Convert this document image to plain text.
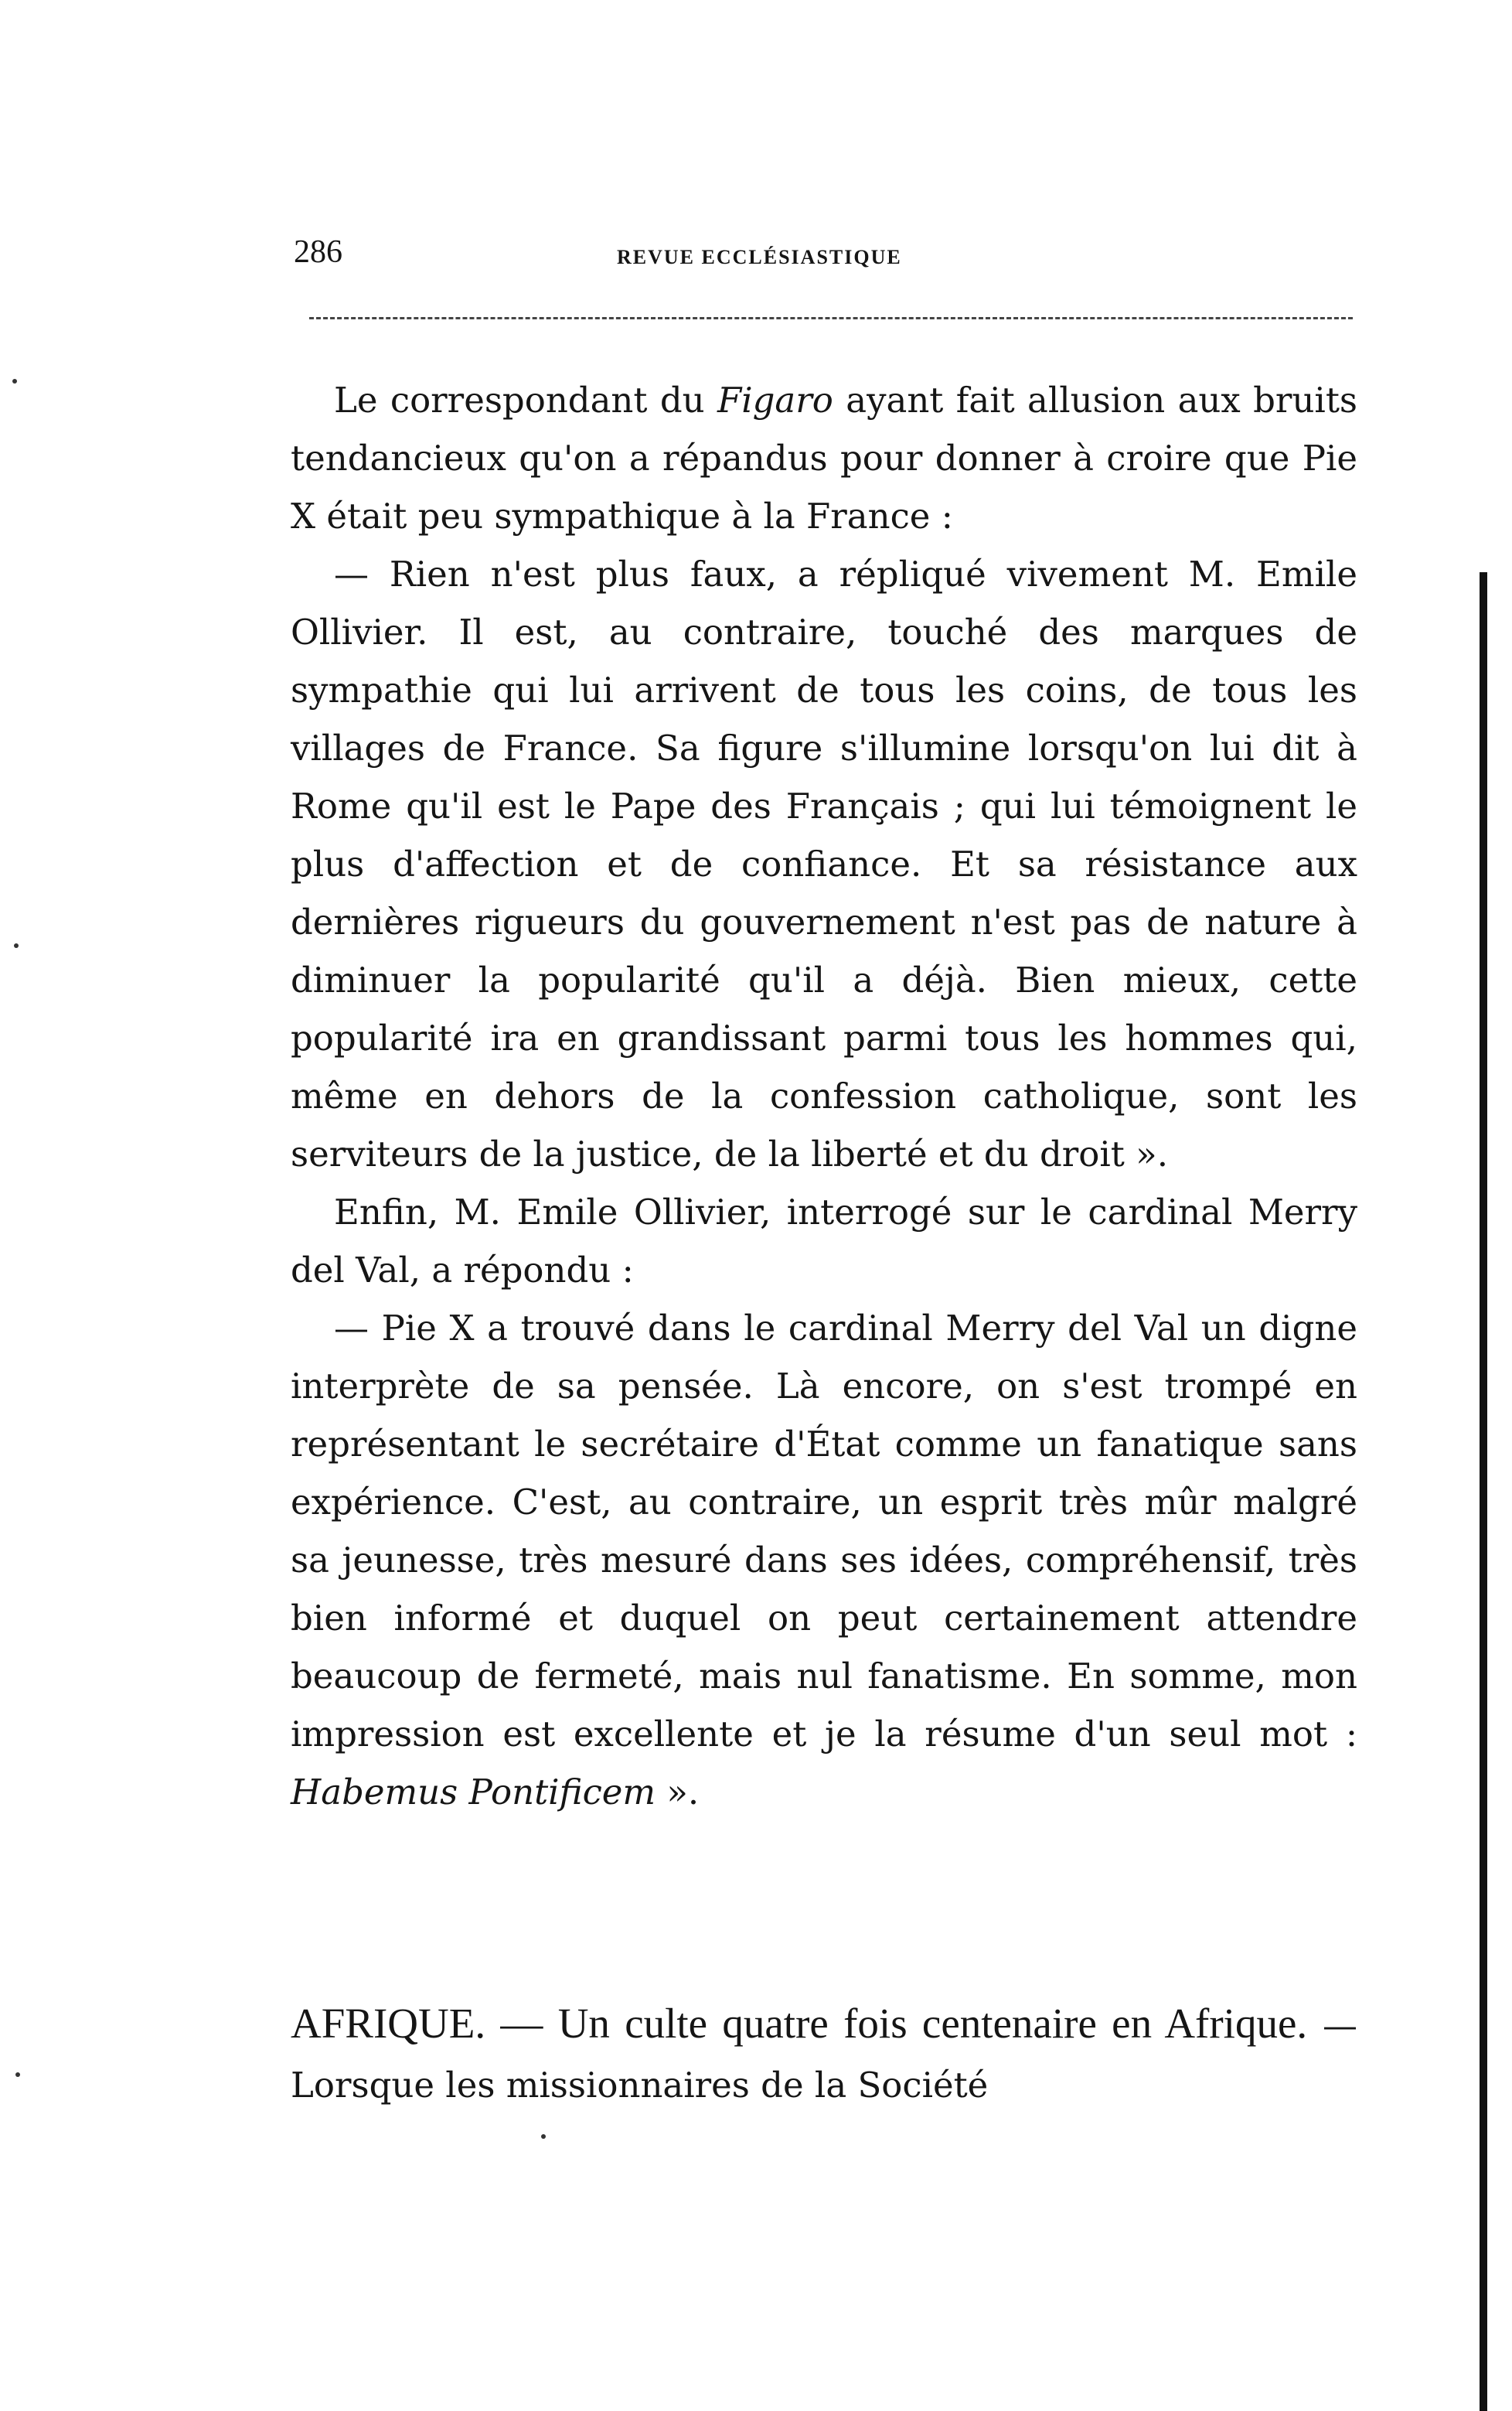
286	REVUE ECCLÉSIASTIQUE

Le correspondant du Figaro ayant fait allusion aux bruits tendancieux qu'on a répandus pour donner à croire que Pie X était peu sympathique à la France :

— Rien n'est plus faux, a répliqué vivement M. Emile Ollivier. Il est, au contraire, touché des marques de sympathie qui lui arrivent de tous les coins, de tous les villages de France. Sa figure s'illumine lorsqu'on lui dit à Rome qu'il est le Pape des Français ; qui lui témoignent le plus d'affection et de confiance. Et sa résistance aux dernières rigueurs du gouvernement n'est pas de nature à diminuer la popularité qu'il a déjà. Bien mieux, cette popularité ira en grandissant parmi tous les hommes qui, même en dehors de la confession catholique, sont les serviteurs de la justice, de la liberté et du droit ».

Enfin, M. Emile Ollivier, interrogé sur le cardinal Merry del Val, a répondu :

— Pie X a trouvé dans le cardinal Merry del Val un digne interprète de sa pensée. Là encore, on s'est trompé en représentant le secrétaire d'État comme un fanatique sans expérience. C'est, au contraire, un esprit très mûr malgré sa jeunesse, très mesuré dans ses idées, compréhensif, très bien informé et duquel on peut certainement attendre beaucoup de fermeté, mais nul fanatisme. En somme, mon impression est excellente et je la résume d'un seul mot : Habemus Pontificem ».

AFRIQUE. — Un culte quatre fois centenaire en Afrique. — Lorsque les missionnaires de la Société
